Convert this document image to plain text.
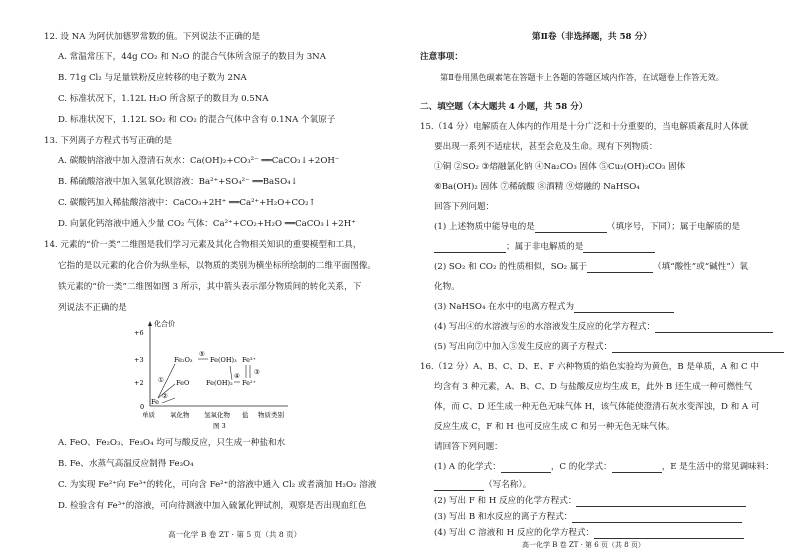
12. 设 NA 为阿伏加德罗常数的值。下列说法不正确的是
A. 常温常压下，44g CO₂ 和 N₂O 的混合气体所含原子的数目为 3NA
B. 71g Cl₂ 与足量铁粉反应转移的电子数为 2NA
C. 标准状况下，1.12L H₂O 所含原子的数目为 0.5NA
D. 标准状况下，1.12L SO₂ 和 CO₂ 的混合气体中含有 0.1NA 个氧原子
13. 下列离子方程式书写正确的是
A. 碳酸钠溶液中加入澄清石灰水：Ca(OH)₂+CO₃²⁻ ══CaCO₃↓+2OH⁻
B. 稀硫酸溶液中加入氢氧化钡溶液：Ba²⁺+SO₄²⁻ ══BaSO₄↓
C. 碳酸钙加入稀盐酸溶液中：CaCO₃+2H⁺ ══Ca²⁺+H₂O+CO₂↑
D. 向氯化钙溶液中通入少量 CO₂ 气体：Ca²⁺+CO₂+H₂O ══CaCO₃↓+2H⁺
14. 元素的“价一类”二维图是我们学习元素及其化合物相关知识的重要模型和工具，
它指的是以元素的化合价为纵坐标，以物质的类别为横坐标所绘制的二维平面图像。
铁元素的“价一类”二维图如图 3 所示，其中箭头表示部分物质间的转化关系，下
列说法不正确的是
化合价
+6
+3
+2
0
单质 氧化物 氢氧化物 盐 物质类别
Fe
FeO
Fe₂O₃	Fe(OH)₃
Fe(OH)₂
Fe³⁺
Fe²⁺
①
②
③
④
⑤
图 3
A. FeO、Fe₂O₃、Fe₃O₄ 均可与酸反应，只生成一种盐和水
B. Fe、水蒸气高温反应制得 Fe₃O₄
C. 为实现 Fe²⁺向 Fe³⁺的转化，可向含 Fe²⁺的溶液中通入 Cl₂ 或者滴加 H₂O₂ 溶液
D. 检验含有 Fe³⁺的溶液，可向待测液中加入硫氰化钾试剂，观察是否出现血红色
高一化学 B 卷 ZT · 第 5 页（共 8 页）
第Ⅱ卷（非选择题，共 58 分）
注意事项：
第Ⅱ卷用黑色碳素笔在答题卡上各题的答题区域内作答，在试题卷上作答无效。
二、填空题（本大题共 4 小题，共 58 分）
15.（14 分）电解质在人体内的作用是十分广泛和十分重要的，当电解质紊乱时人体就
要出现一系列不适症状，甚至会危及生命。现有下列物质：
①铜 ②SO₂ ③熔融氯化钠 ④Na₂CO₃ 固体 ⑤Cu₂(OH)₂CO₃ 固体
⑥Ba(OH)₂ 固体 ⑦稀硫酸 ⑧酒精 ⑨熔融的 NaHSO₄
回答下列问题：
(1) 上述物质中能导电的是	（填序号，下同）；属于电解质的是
；属于非电解质的是
(2) SO₂ 和 CO₂ 的性质相似，SO₂ 属于	（填“酸性”或“碱性”）氧
化物。
(3) NaHSO₄ 在水中的电离方程式为
(4) 写出④的水溶液与⑥的水溶液发生反应的化学方程式：
(5) 写出向⑦中加入⑤发生反应的离子方程式：
16.（12 分）A、B、C、D、E、F 六种物质的焰色实验均为黄色，B 是单质，A 和 C 中
均含有 3 种元素，A、B、C、D 与盐酸反应均生成 E，此外 B 还生成一种可燃性气
体，而 C、D 还生成一种无色无味气体 H，该气体能使澄清石灰水变浑浊，D 和 A 可
反应生成 C，F 和 H 也可反应生成 C 和另一种无色无味气体。
请回答下列问题：
(1) A 的化学式：	，C 的化学式：	，E 是生活中的常见调味料：
（写名称）。
(2) 写出 F 和 H 反应的化学方程式：
(3) 写出 B 和水反应的离子方程式：
(4) 写出 C 溶液和 H 反应的化学方程式：
高一化学 B 卷 ZT · 第 6 页（共 8 页）
